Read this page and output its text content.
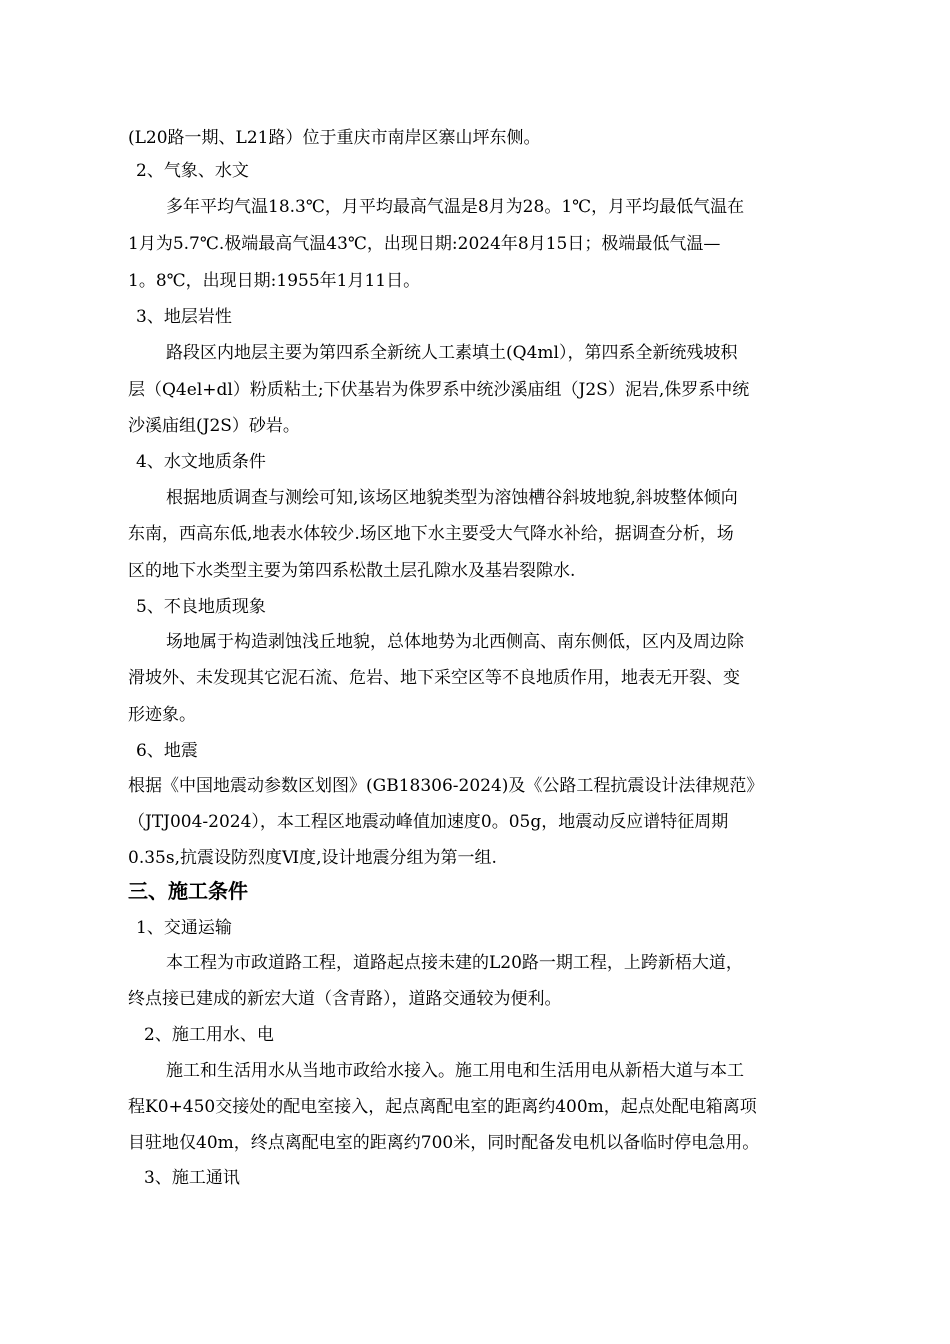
(L20路一期、L21路）位于重庆市南岸区寨山坪东侧。
2、气象、水文
多年平均气温18.3℃，月平均最高气温是8月为28。1℃，月平均最低气温在
1月为5.7℃.极端最高气温43℃，出现日期:2024年8月15日；极端最低气温—
1。8℃，出现日期:1955年1月11日。
3、地层岩性
路段区内地层主要为第四系全新统人工素填土(Q4ml），第四系全新统残坡积
层（Q4el+dl）粉质粘土;下伏基岩为侏罗系中统沙溪庙组（J2S）泥岩,侏罗系中统
沙溪庙组(J2S）砂岩。
4、水文地质条件
根据地质调查与测绘可知,该场区地貌类型为溶蚀槽谷斜坡地貌,斜坡整体倾向
东南，西高东低,地表水体较少.场区地下水主要受大气降水补给，据调查分析，场
区的地下水类型主要为第四系松散土层孔隙水及基岩裂隙水.
5、不良地质现象
场地属于构造剥蚀浅丘地貌，总体地势为北西侧高、南东侧低，区内及周边除
滑坡外、未发现其它泥石流、危岩、地下采空区等不良地质作用，地表无开裂、变
形迹象。
6、地震
根据《中国地震动参数区划图》(GB18306-2024)及《公路工程抗震设计法律规范》
（JTJ004-2024），本工程区地震动峰值加速度0。05g，地震动反应谱特征周期
0.35s,抗震设防烈度Ⅵ度,设计地震分组为第一组.
三、施工条件
1、交通运输
本工程为市政道路工程，道路起点接未建的L20路一期工程，上跨新梧大道，
终点接已建成的新宏大道（含青路），道路交通较为便利。
2、施工用水、电
施工和生活用水从当地市政给水接入。施工用电和生活用电从新梧大道与本工
程K0+450交接处的配电室接入，起点离配电室的距离约400m，起点处配电箱离项
目驻地仅40m，终点离配电室的距离约700米，同时配备发电机以备临时停电急用。
3、施工通讯
